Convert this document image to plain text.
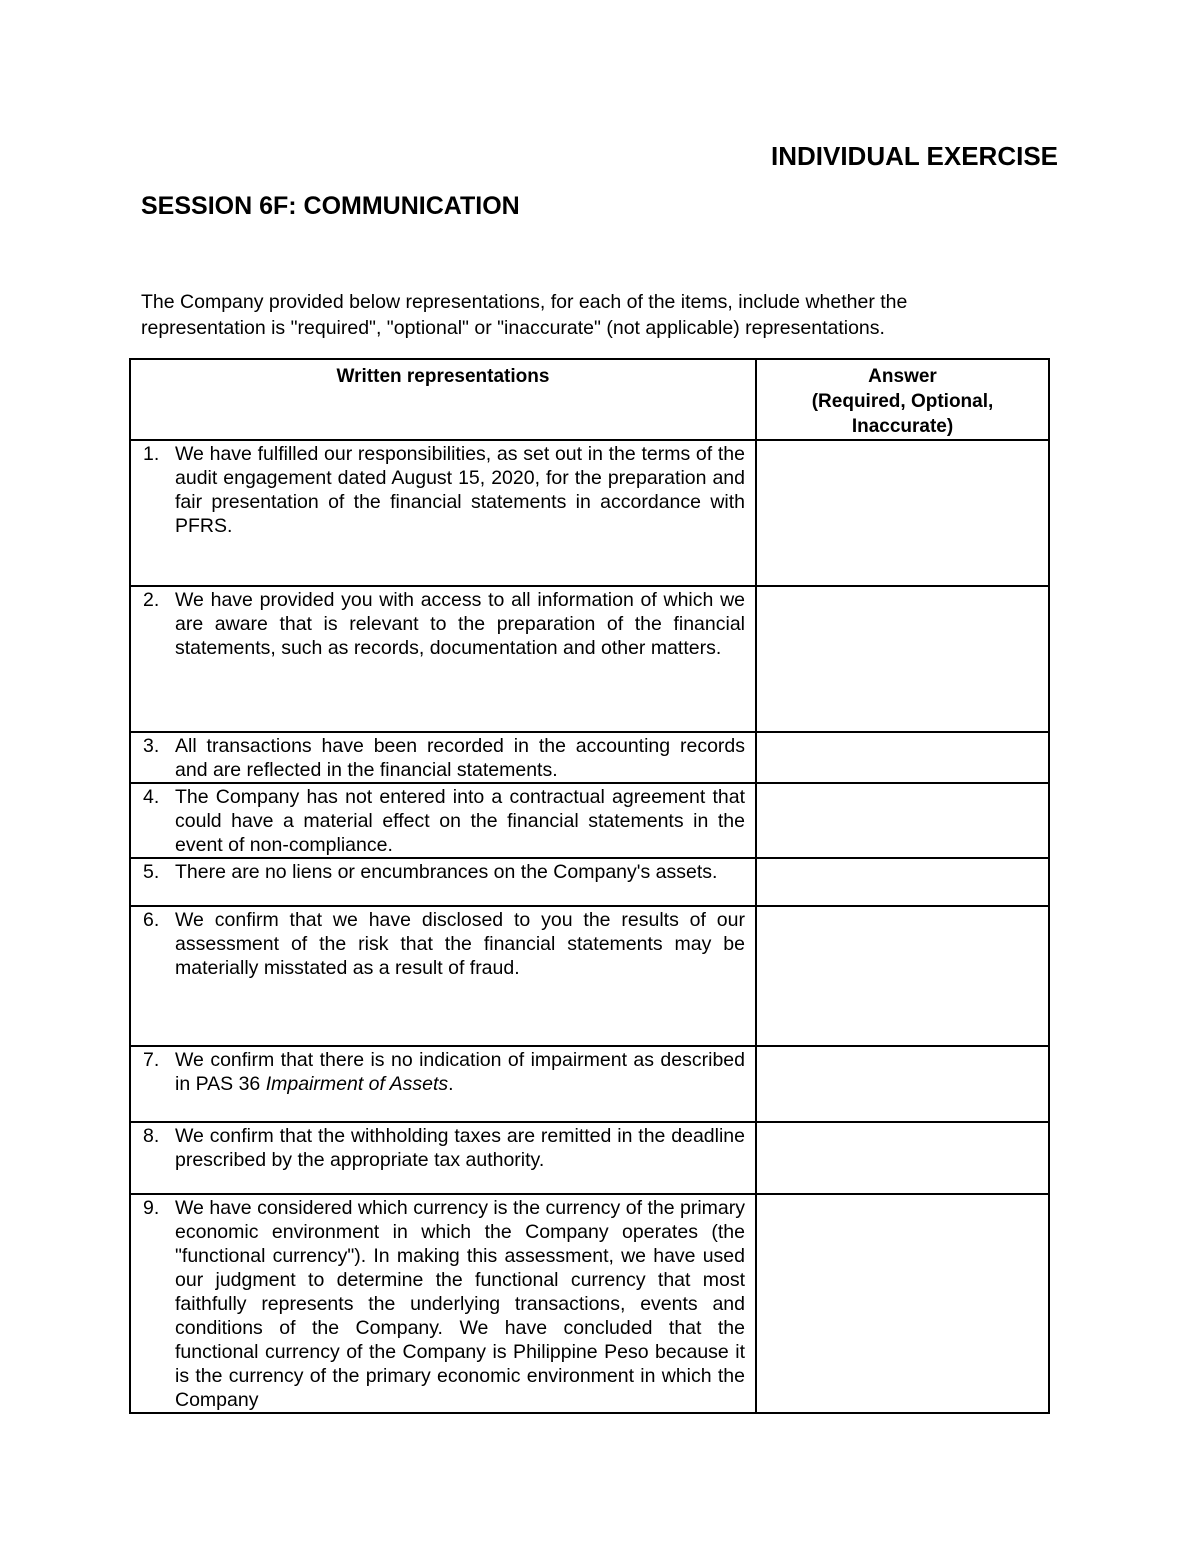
INDIVIDUAL EXERCISE
SESSION 6F: COMMUNICATION
The Company provided below representations, for each of the items, include whether the representation is "required", "optional" or "inaccurate" (not applicable) representations.
Written representations	Answer
(Required, Optional,
Inaccurate)

1. We have fulfilled our responsibilities, as set out in the terms of the audit engagement dated August 15, 2020, for the preparation and fair presentation of the financial statements in accordance with PFRS.	

2. We have provided you with access to all information of which we are aware that is relevant to the preparation of the financial statements, such as records, documentation and other matters.	

3. All transactions have been recorded in the accounting records and are reflected in the financial statements.	

4. The Company has not entered into a contractual agreement that could have a material effect on the financial statements in the event of non-compliance.	

5. There are no liens or encumbrances on the Company's assets.	

6. We confirm that we have disclosed to you the results of our assessment of the risk that the financial statements may be materially misstated as a result of fraud.	

7. We confirm that there is no indication of impairment as described in PAS 36 Impairment of Assets.	

8. We confirm that the withholding taxes are remitted in the deadline prescribed by the appropriate tax authority.	

9. We have considered which currency is the currency of the primary economic environment in which the Company operates (the "functional currency"). In making this assessment, we have used our judgment to determine the functional currency that most faithfully represents the underlying transactions, events and conditions of the Company. We have concluded that the functional currency of the Company is Philippine Peso because it is the currency of the primary economic environment in which the Company	
